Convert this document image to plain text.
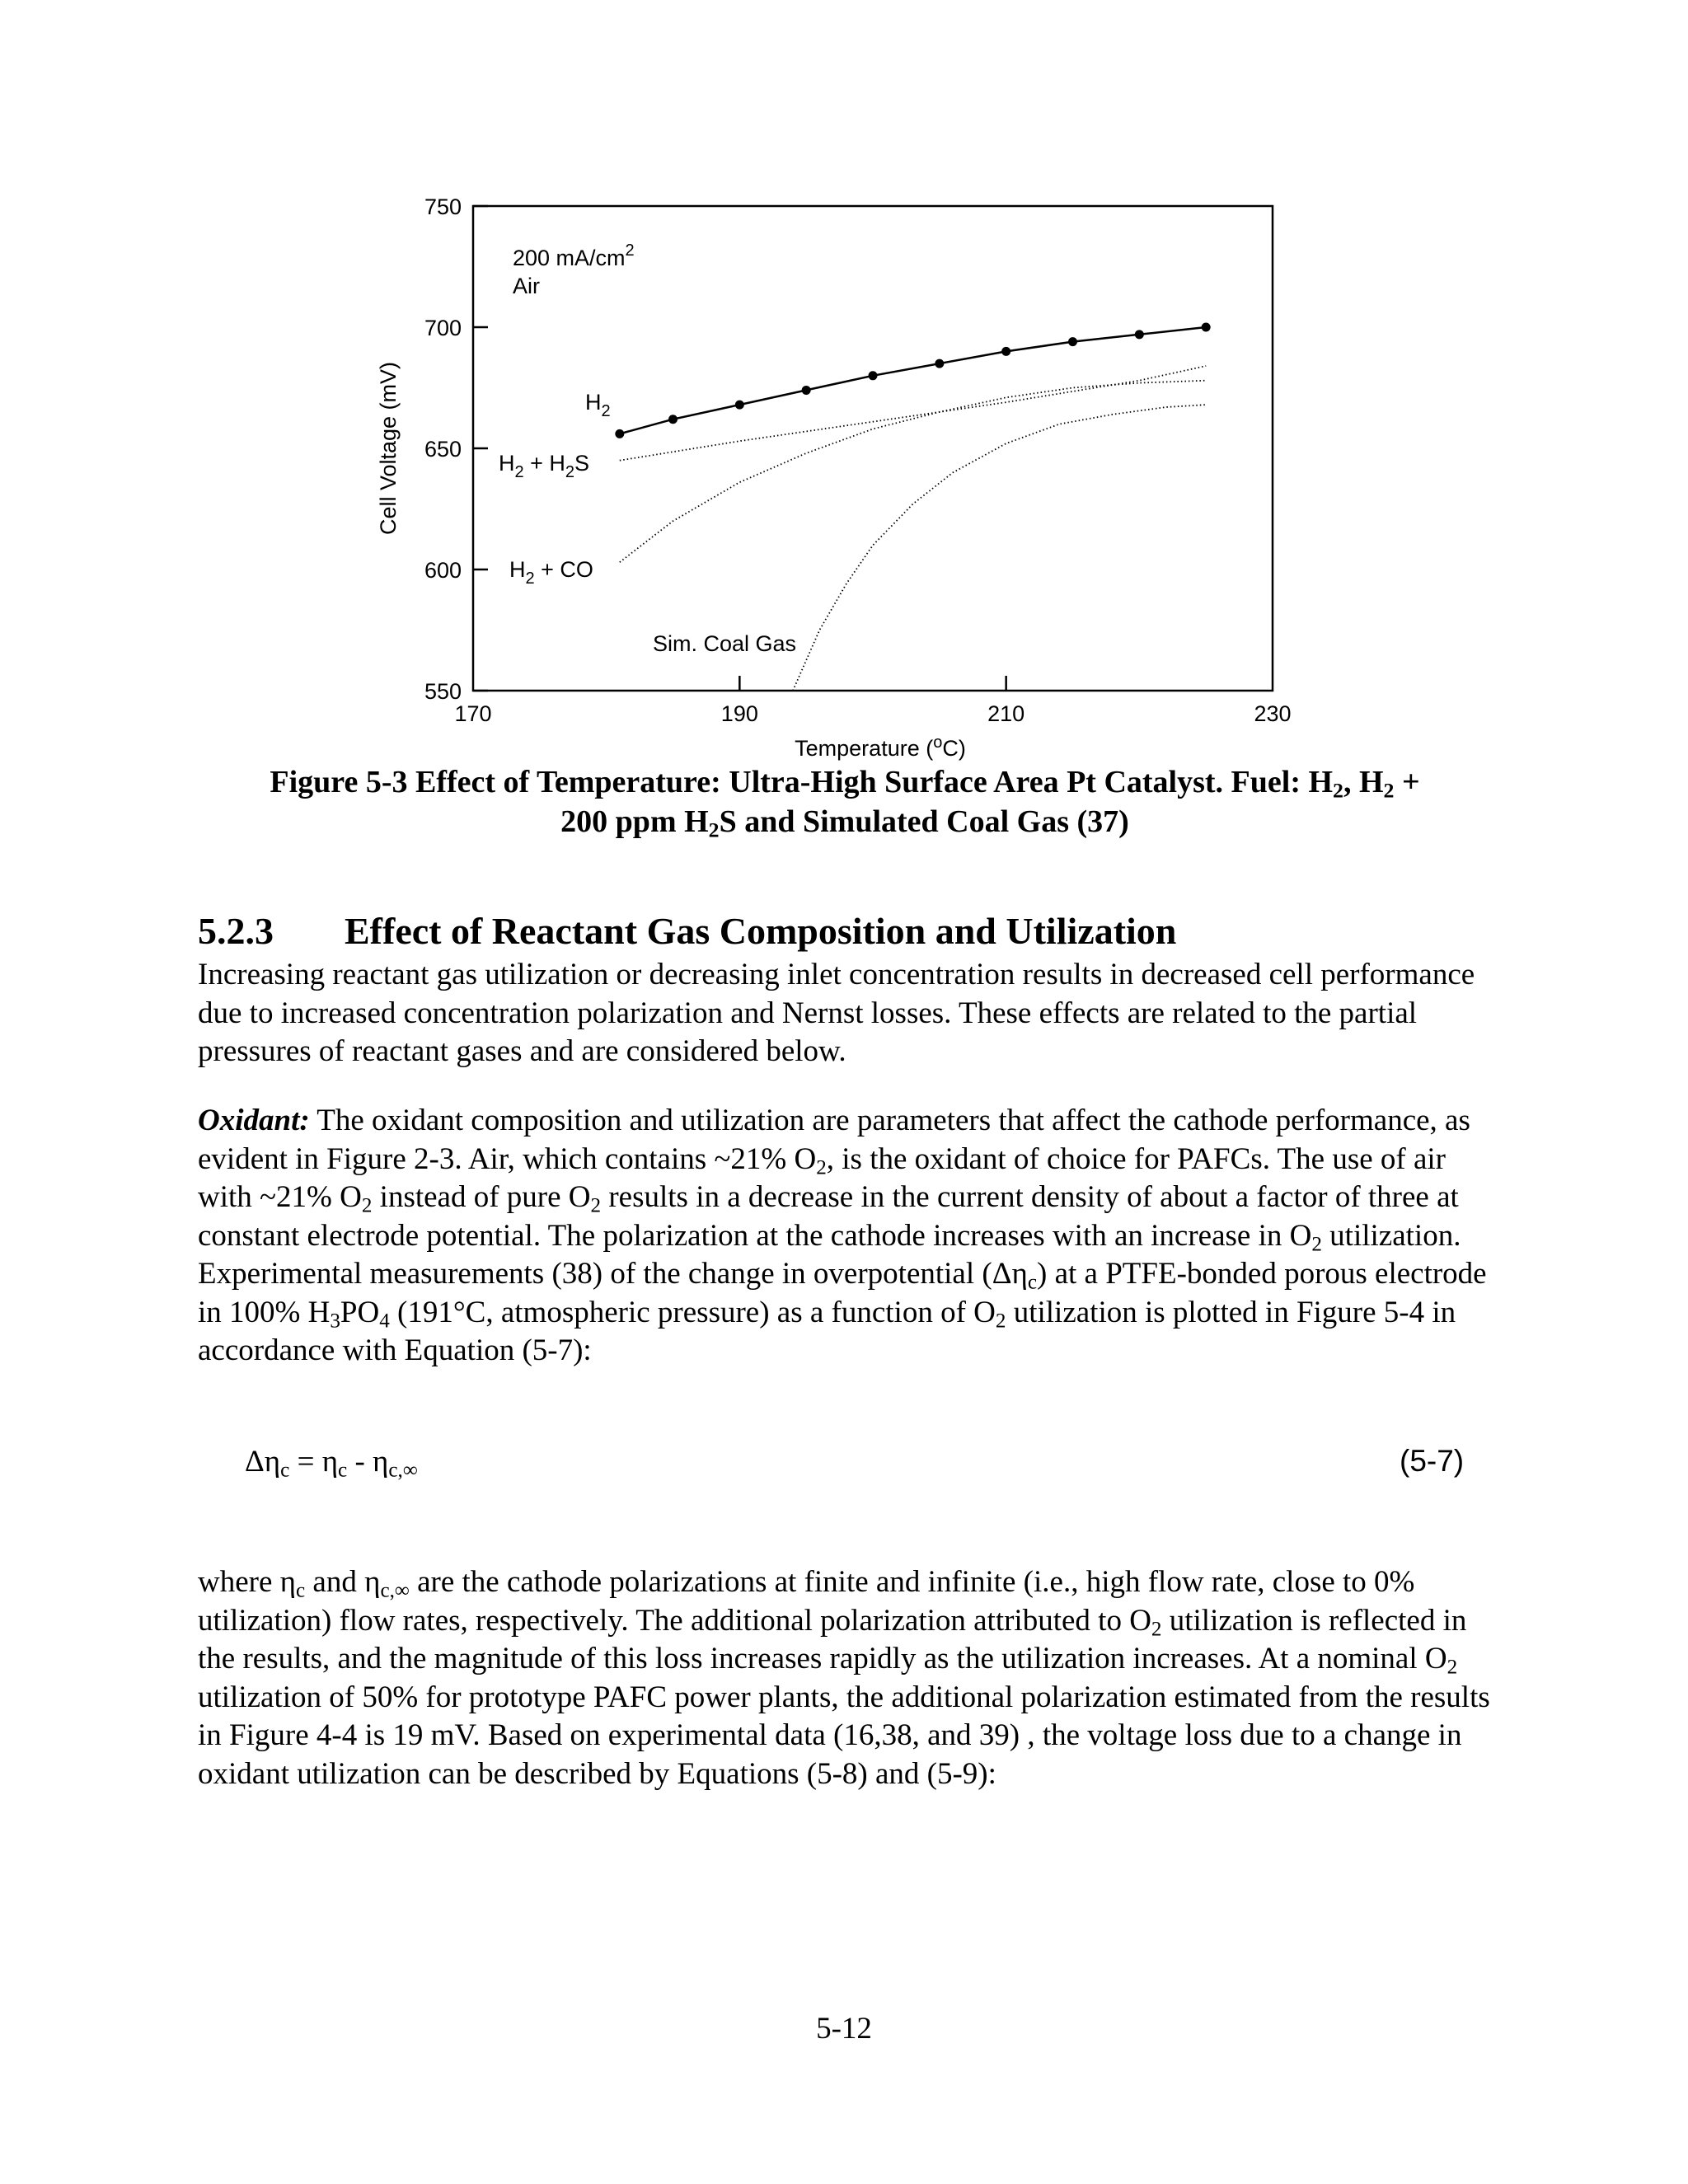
750
700
650
600
550
170	190	210	230
200 $mA/cm^2$
Air
$H_2$
$H_2 + H_2S$
$H_2$ + CO
Sim. Coal Gas
Temperature ($^o$C)
Cell Voltage (mV)
Figure 5-3 Effect of Temperature: Ultra-High Surface Area Pt Catalyst. Fuel: $H_2$, $H_2$ +
200 ppm $H_2S$ and Simulated Coal Gas (37)
5.2.3 Effect of Reactant Gas Composition and Utilization

Increasing reactant gas utilization or decreasing inlet concentration results in decreased cell performance due to increased concentration polarization and Nernst losses. These effects are related to the partial pressures of reactant gases and are considered below.

Oxidant: The oxidant composition and utilization are parameters that affect the cathode performance, as evident in Figure 2-3. Air, which contains ~21% $O_2$, is the oxidant of choice for PAFCs. The use of air with ~21% $O_2$ instead of pure $O_2$ results in a decrease in the current density of about a factor of three at constant electrode potential. The polarization at the cathode increases with an increase in $O_2$ utilization. Experimental measurements (38) of the change in overpotential $(\Delta\eta_c)$ at a PTFE-bonded porous electrode in 100% $H_3PO_4$ (191°C, atmospheric pressure) as a function of $O_2$ utilization is plotted in Figure 5-4 in accordance with Equation (5-7):

$\Delta\eta_c = \eta_c - \eta_{c,\infty}$	(5-7)

where $\eta_c$ and $\eta_{c,\infty}$ are the cathode polarizations at finite and infinite (i.e., high flow rate, close to 0% utilization) flow rates, respectively. The additional polarization attributed to $O_2$ utilization is reflected in the results, and the magnitude of this loss increases rapidly as the utilization increases. At a nominal $O_2$ utilization of 50% for prototype PAFC power plants, the additional polarization estimated from the results in Figure 4-4 is 19 mV. Based on experimental data (16,38, and 39) , the voltage loss due to a change in oxidant utilization can be described by Equations (5-8) and (5-9):

5-12
